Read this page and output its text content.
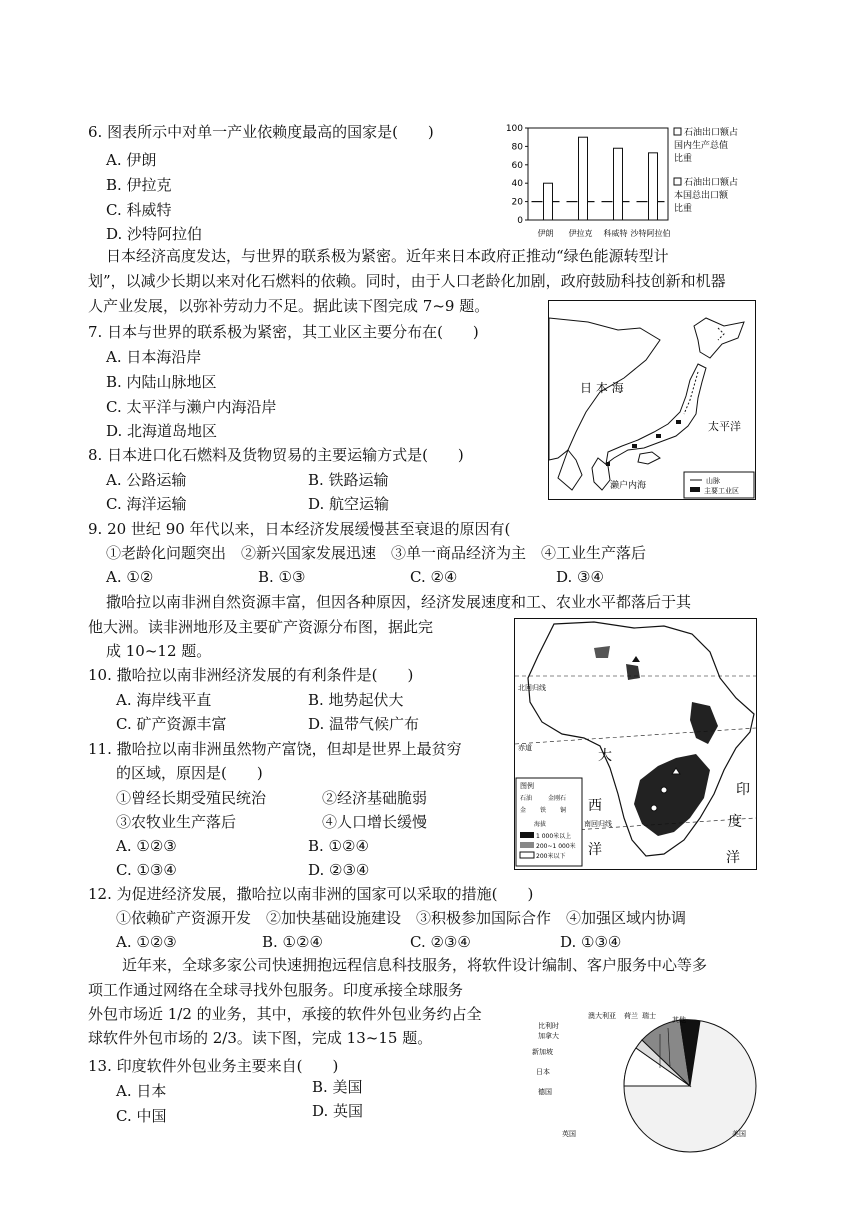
6. 图表所示中对单一产业依赖度最高的国家是(　　)
A. 伊朗
B. 伊拉克
C. 科威特
D. 沙特阿拉伯
0
20
40
60
80
100
伊朗 伊拉克 科威特 沙特阿拉伯
石油出口额占
国内生产总值
比重
石油出口额占
本国总出口额
比重
日本经济高度发达，与世界的联系极为紧密。近年来日本政府正推动“绿色能源转型计
划”，以减少长期以来对化石燃料的依赖。同时，由于人口老龄化加剧，政府鼓励科技创新和机器
人产业发展，以弥补劳动力不足。据此读下图完成 7~9 题。
日 本 海
太平洋
濑户内海	山脉
主要工业区
7. 日本与世界的联系极为紧密，其工业区主要分布在(　　)
A. 日本海沿岸
B. 内陆山脉地区
C. 太平洋与濑户内海沿岸
D. 北海道岛地区
8. 日本进口化石燃料及货物贸易的主要运输方式是(　　)
A. 公路运输	B. 铁路运输
C. 海洋运输	D. 航空运输
9. 20 世纪 90 年代以来，日本经济发展缓慢甚至衰退的原因有(
①老龄化问题突出　②新兴国家发展迅速　③单一商品经济为主　④工业生产落后
A. ①②	B. ①③	C. ②④	D. ③④
撒哈拉以南非洲自然资源丰富，但因各种原因，经济发展速度和工、农业水平都落后于其
他大洲。读非洲地形及主要矿产资源分布图，据此完
成 10~12 题。
北回归线
赤道
南回归线
大
西
洋
印
度
洋
图例
石油	金刚石
金 铁 铜
海拔
1 000米以上
200~1 000米
200米以下
10. 撒哈拉以南非洲经济发展的有利条件是(　　)
A. 海岸线平直	B. 地势起伏大
C. 矿产资源丰富	D. 温带气候广布
11. 撒哈拉以南非洲虽然物产富饶，但却是世界上最贫穷
的区域，原因是(　　)
①曾经长期受殖民统治	②经济基础脆弱
③农牧业生产落后	④人口增长缓慢
A. ①②③	B. ①②④
C. ①③④	D. ②③④
12. 为促进经济发展，撒哈拉以南非洲的国家可以采取的措施(　　)
①依赖矿产资源开发　②加快基础设施建设　③积极参加国际合作　④加强区域内协调
A. ①②③	B. ①②④	C. ②③④	D. ①③④
近年来，全球多家公司快速拥抱远程信息科技服务，将软件设计编制、客户服务中心等多
项工作通过网络在全球寻找外包服务。印度承接全球服务
外包市场近 1/2 的业务，其中，承接的软件外包业务约占全
球软件外包市场的 2/3。读下图，完成 13~15 题。
澳大利亚 荷兰 瑞士 其他
比利时
加拿大
新加坡
日本
德国
英国	美国
13. 印度软件外包业务主要来自(　　)
A. 日本	B. 美国
C. 中国	D. 英国
